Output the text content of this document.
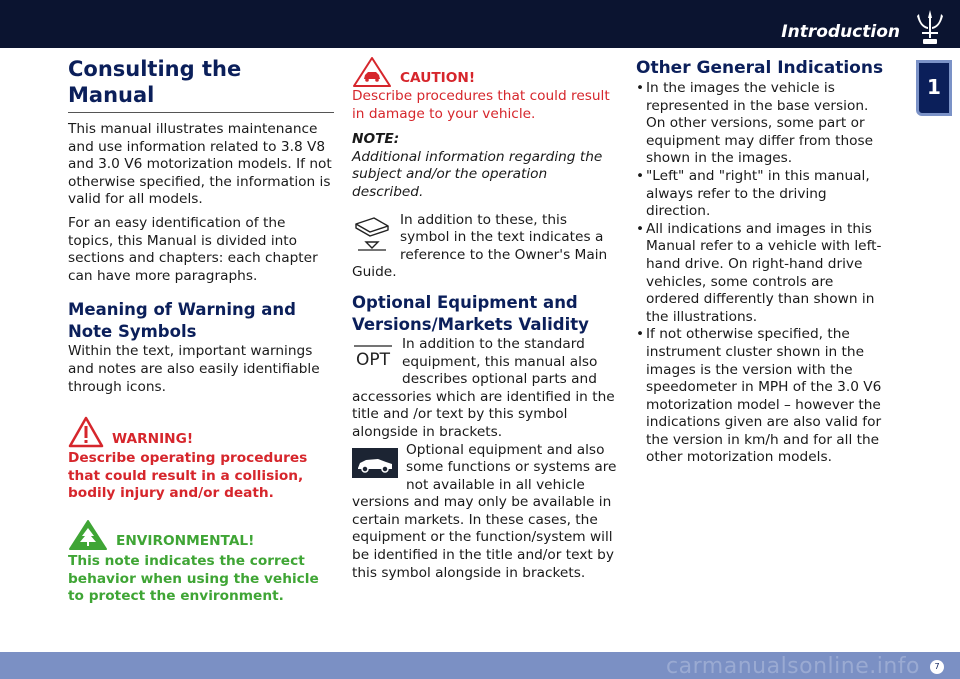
Introduction
1
Consulting the Manual

This manual illustrates maintenance and use information related to 3.8 V8 and 3.0 V6 motorization models. If not otherwise specified, the information is valid for all models.

For an easy identification of the topics, this Manual is divided into sections and chapters: each chapter can have more paragraphs.

Meaning of Warning and Note Symbols

Within the text, important warnings and notes are also easily identifiable through icons.

WARNING!

Describe operating procedures that could result in a collision, bodily injury and/or death.

ENVIRONMENTAL!

This note indicates the correct behavior when using the vehicle to protect the environment.

CAUTION!

Describe procedures that could result in damage to your vehicle.

NOTE:

Additional information regarding the subject and/or the operation described.

In addition to these, this symbol in the text indicates a reference to the Owner's Main Guide.

Optional Equipment and Versions/Markets Validity
OPT

In addition to the standard equipment, this manual also describes optional parts and accessories which are identified in the title and /or text by this symbol alongside in brackets.

Optional equipment and also some functions or systems are not available in all vehicle versions and may only be available in certain markets. In these cases, the equipment or the function/system will be identified in the title and/or text by this symbol alongside in brackets.

Other General Indications
• In the images the vehicle is represented in the base version. On other versions, some part or equipment may differ from those shown in the images.
• "Left" and "right" in this manual, always refer to the driving direction.
• All indications and images in this Manual refer to a vehicle with left-hand drive. On right-hand drive vehicles, some controls are ordered differently than shown in the illustrations.
• If not otherwise specified, the instrument cluster shown in the images is the version with the speedometer in MPH of the 3.0 V6 motorization model – however the indications given are also valid for the version in km/h and for all the other motorization models.
carmanualsonline.info	7
